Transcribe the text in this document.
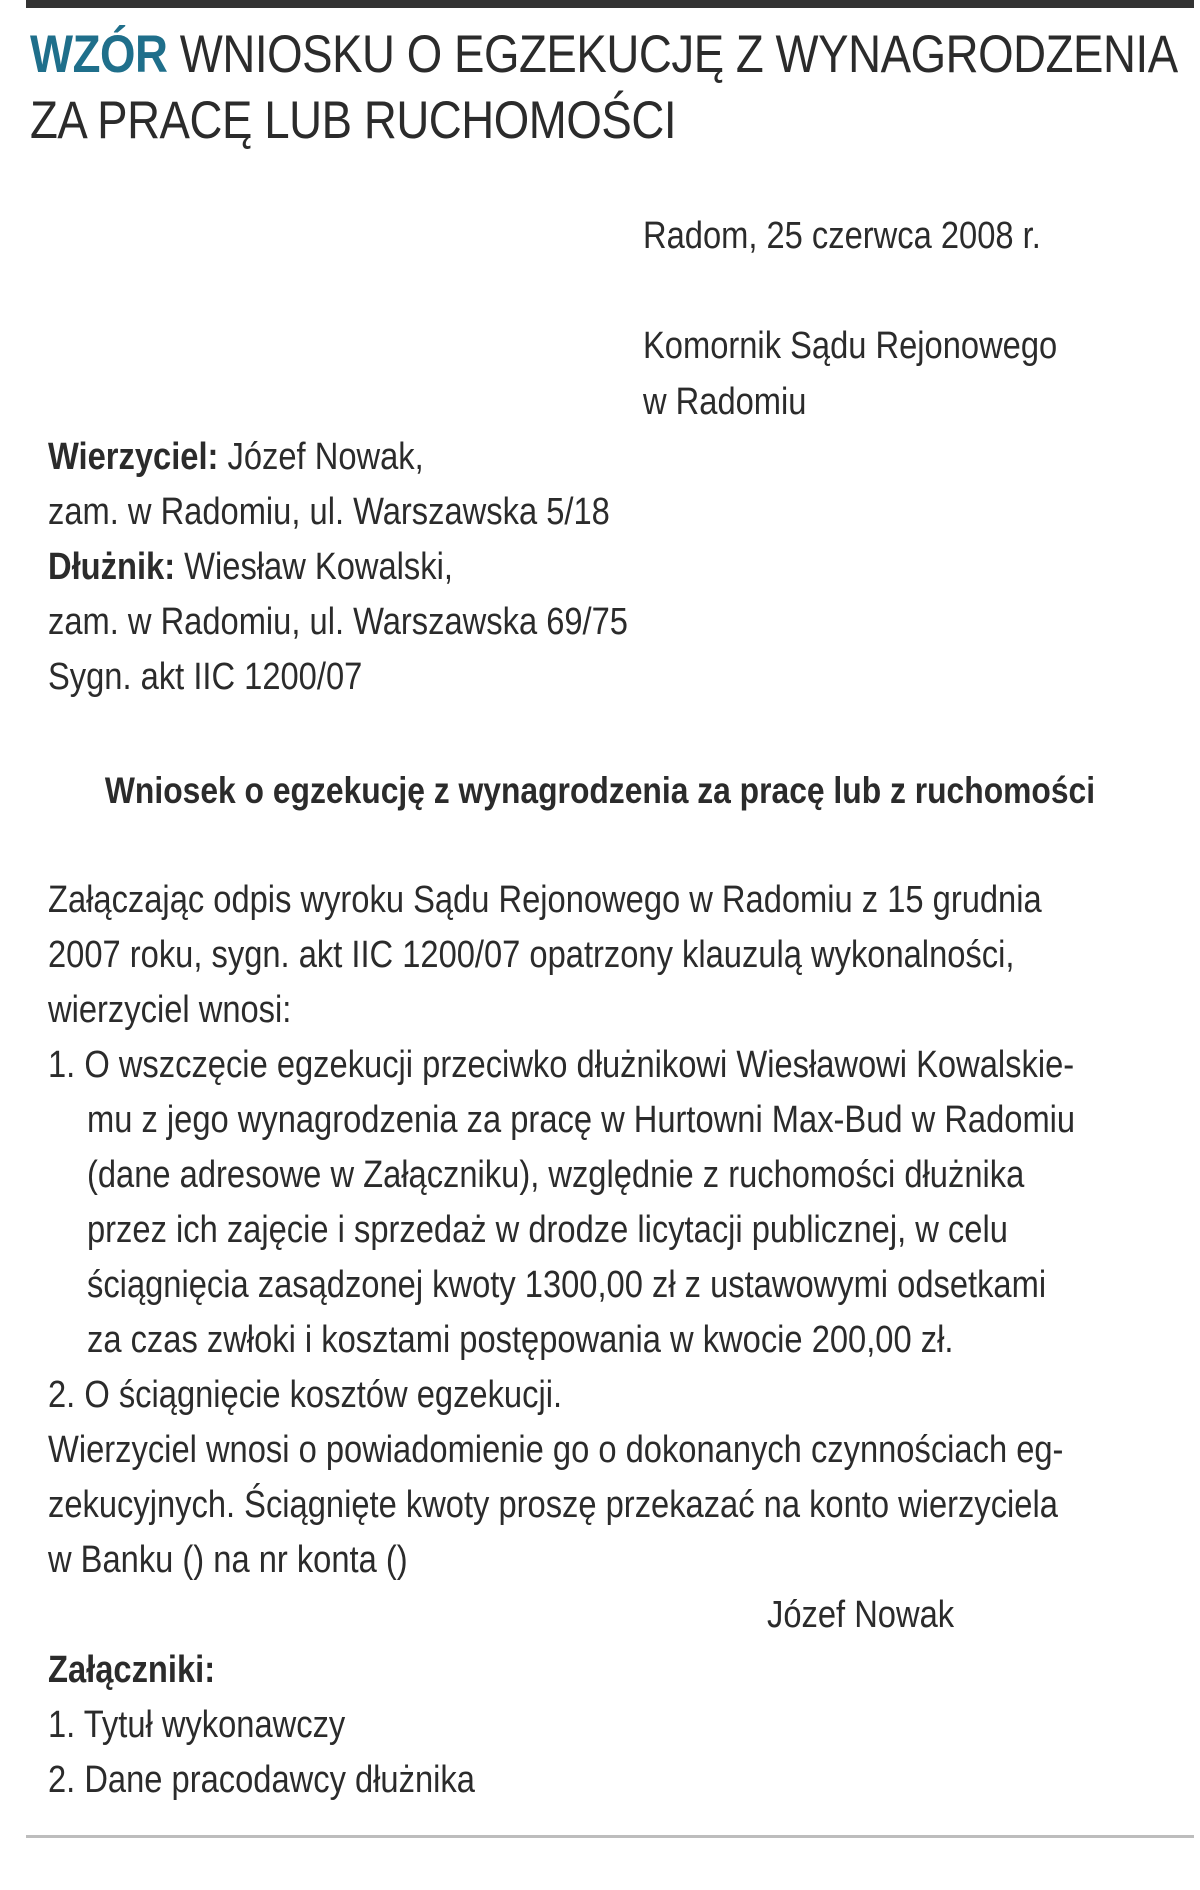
WZÓR WNIOSKU O EGZEKUCJĘ Z WYNAGRODZENIA
ZA PRACĘ LUB RUCHOMOŚCI
Radom, 25 czerwca 2008 r.
Komornik Sądu Rejonowego
w Radomiu
Wierzyciel: Józef Nowak,
zam. w Radomiu, ul. Warszawska 5/18
Dłużnik: Wiesław Kowalski,
zam. w Radomiu, ul. Warszawska 69/75
Sygn. akt IIC 1200/07
Wniosek o egzekucję z wynagrodzenia za pracę lub z ruchomości
Załączając odpis wyroku Sądu Rejonowego w Radomiu z 15 grudnia
2007 roku, sygn. akt IIC 1200/07 opatrzony klauzulą wykonalności,
wierzyciel wnosi:
1. O wszczęcie egzekucji przeciwko dłużnikowi Wiesławowi Kowalskie-
mu z jego wynagrodzenia za pracę w Hurtowni Max-Bud w Radomiu
(dane adresowe w Załączniku), względnie z ruchomości dłużnika
przez ich zajęcie i sprzedaż w drodze licytacji publicznej, w celu
ściągnięcia zasądzonej kwoty 1300,00 zł z ustawowymi odsetkami
za czas zwłoki i kosztami postępowania w kwocie 200,00 zł.
2. O ściągnięcie kosztów egzekucji.
Wierzyciel wnosi o powiadomienie go o dokonanych czynnościach eg-
zekucyjnych. Ściągnięte kwoty proszę przekazać na konto wierzyciela
w Banku () na nr konta ()
Józef Nowak
Załączniki:
1. Tytuł wykonawczy
2. Dane pracodawcy dłużnika
